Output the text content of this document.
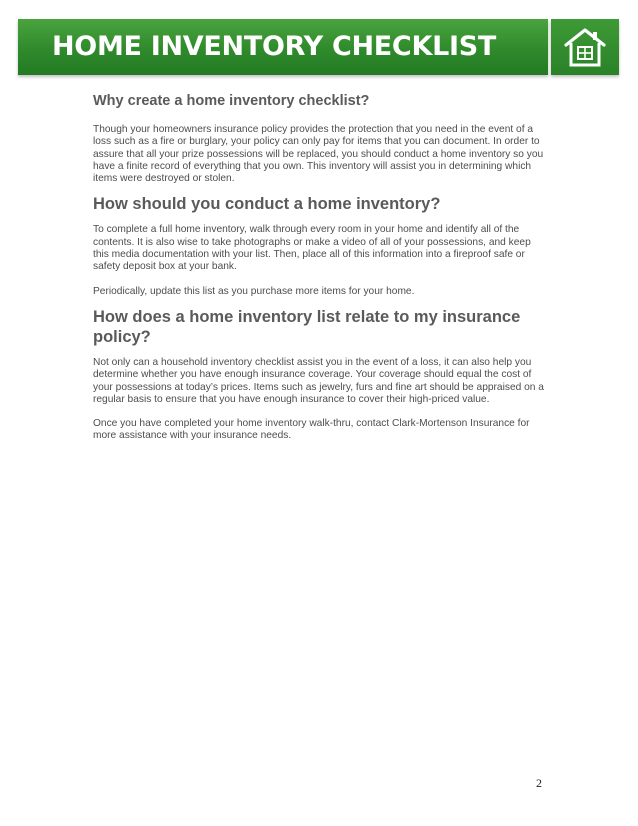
HOME INVENTORY CHECKLIST
Why create a home inventory checklist?

Though your homeowners insurance policy provides the protection that you need in the event of a loss such as a fire or burglary, your policy can only pay for items that you can document. In order to assure that all your prize possessions will be replaced, you should conduct a home inventory so you have a finite record of everything that you own. This inventory will assist you in determining which items were destroyed or stolen.

How should you conduct a home inventory?

To complete a full home inventory, walk through every room in your home and identify all of the contents. It is also wise to take photographs or make a video of all of your possessions, and keep this media documentation with your list. Then, place all of this information into a fireproof safe or safety deposit box at your bank.

Periodically, update this list as you purchase more items for your home.

How does a home inventory list relate to my insurance policy?

Not only can a household inventory checklist assist you in the event of a loss, it can also help you determine whether you have enough insurance coverage. Your coverage should equal the cost of your possessions at today’s prices. Items such as jewelry, furs and fine art should be appraised on a regular basis to ensure that you have enough insurance to cover their high-priced value.

Once you have completed your home inventory walk-thru, contact Clark-Mortenson Insurance for more assistance with your insurance needs.

2
